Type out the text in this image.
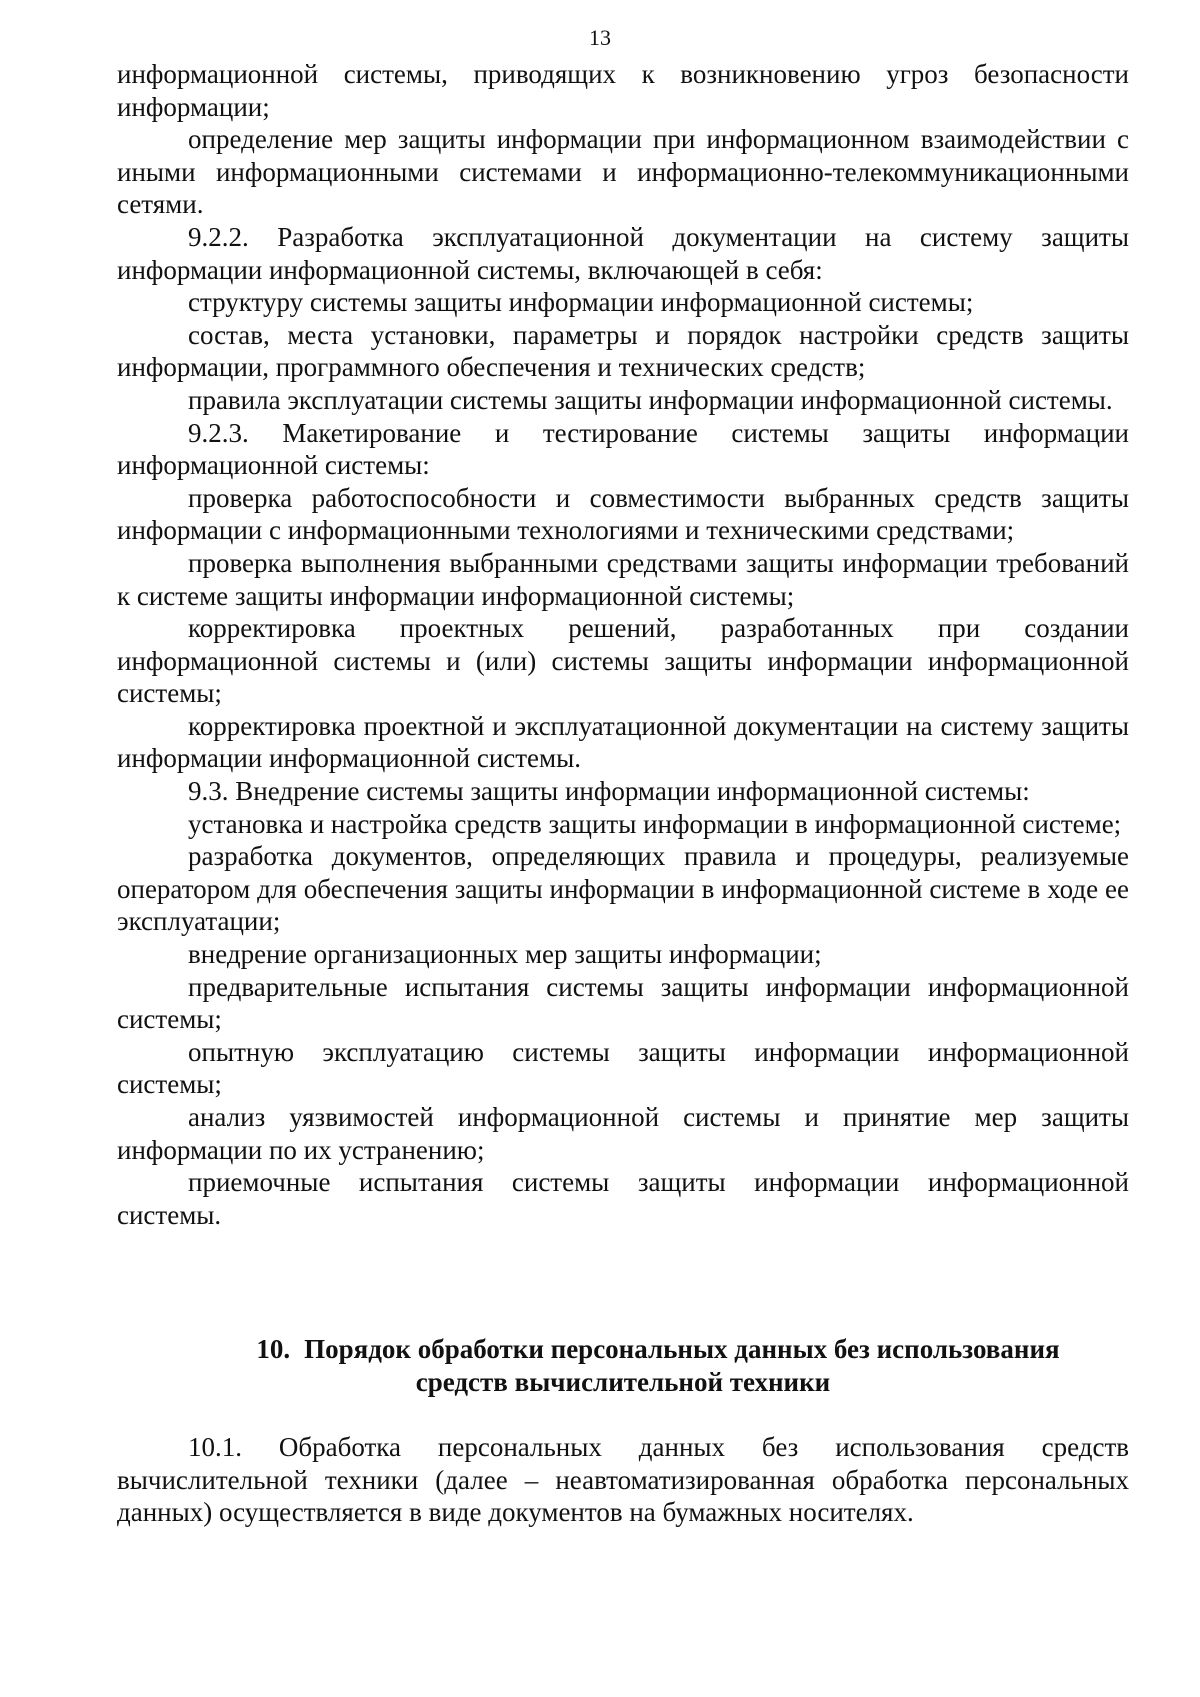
13

информационной системы, приводящих к возникновению угроз безопасности информации;

определение мер защиты информации при информационном взаимодействии с иными информационными системами и информационно-телекоммуникационными сетями.

9.2.2. Разработка эксплуатационной документации на систему защиты информации информационной системы, включающей в себя:

структуру системы защиты информации информационной системы;

состав, места установки, параметры и порядок настройки средств защиты информации, программного обеспечения и технических средств;

правила эксплуатации системы защиты информации информационной системы.

9.2.3. Макетирование и тестирование системы защиты информации информационной системы:

проверка работоспособности и совместимости выбранных средств защиты информации с информационными технологиями и техническими средствами;

проверка выполнения выбранными средствами защиты информации требований к системе защиты информации информационной системы;

корректировка проектных решений, разработанных при создании информационной системы и (или) системы защиты информации информационной системы;

корректировка проектной и эксплуатационной документации на систему защиты информации информационной системы.

9.3. Внедрение системы защиты информации информационной системы:

установка и настройка средств защиты информации в информационной системе;

разработка документов, определяющих правила и процедуры, реализуемые оператором для обеспечения защиты информации в информационной системе в ходе ее эксплуатации;

внедрение организационных мер защиты информации;

предварительные испытания системы защиты информации информационной системы;

опытную эксплуатацию системы защиты информации информационной системы;

анализ уязвимостей информационной системы и принятие мер защиты информации по их устранению;

приемочные испытания системы защиты информации информационной системы.

10. Порядок обработки персональных данных без использования
средств вычислительной техники

10.1. Обработка персональных данных без использования средств вычислительной техники (далее – неавтоматизированная обработка персональных данных) осуществляется в виде документов на бумажных носителях.
